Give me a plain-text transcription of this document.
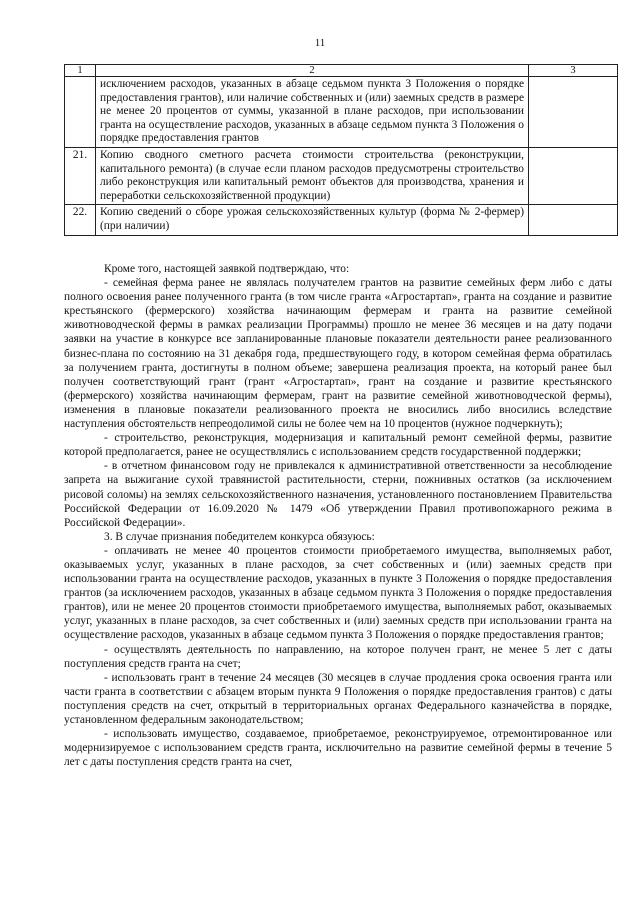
11
1	2	3
	исключением расходов, указанных в абзаце седьмом пункта 3 Положения о порядке предоставления грантов), или наличие собственных и (или) заемных средств в размере не менее 20 процентов от суммы, указанной в плане расходов, при использовании гранта на осуществление расходов, указанных в абзаце седьмом пункта 3 Положения о порядке предоставления грантов	
21.	Копию сводного сметного расчета стоимости строительства (реконструкции, капитального ремонта) (в случае если планом расходов предусмотрены строительство либо реконструкция или капитальный ремонт объектов для производства, хранения и переработки сельскохозяйственной продукции)	
22.	Копию сведений о сборе урожая сельскохозяйственных культур (форма № 2-фермер) (при наличии)	

Кроме того, настоящей заявкой подтверждаю, что:

- семейная ферма ранее не являлась получателем грантов на развитие семейных ферм либо с даты полного освоения ранее полученного гранта (в том числе гранта «Агростартап», гранта на создание и развитие крестьянского (фермерского) хозяйства начинающим фермерам и гранта на развитие семейной животноводческой фермы в рамках реализации Программы) прошло не менее 36 месяцев и на дату подачи заявки на участие в конкурсе все запланированные плановые показатели деятельности ранее реализованного бизнес-плана по состоянию на 31 декабря года, предшествующего году, в котором семейная ферма обратилась за получением гранта, достигнуты в полном объеме; завершена реализация проекта, на который ранее был получен соответствующий грант (грант «Агростартап», грант на создание и развитие крестьянского (фермерского) хозяйства начинающим фермерам, грант на развитие семейной животноводческой фермы), изменения в плановые показатели реализованного проекта не вносились либо вносились вследствие наступления обстоятельств непреодолимой силы не более чем на 10 процентов (нужное подчеркнуть);

- строительство, реконструкция, модернизация и капитальный ремонт семейной фермы, развитие которой предполагается, ранее не осуществлялись с использованием средств государственной поддержки;

- в отчетном финансовом году не привлекался к административной ответственности за несоблюдение запрета на выжигание сухой травянистой растительности, стерни, пожнивных остатков (за исключением рисовой соломы) на землях сельскохозяйственного назначения, установленного постановлением Правительства Российской Федерации от 16.09.2020 № 1479 «Об утверждении Правил противопожарного режима в Российской Федерации».

3. В случае признания победителем конкурса обязуюсь:

- оплачивать не менее 40 процентов стоимости приобретаемого имущества, выполняемых работ, оказываемых услуг, указанных в плане расходов, за счет собственных и (или) заемных средств при использовании гранта на осуществление расходов, указанных в пункте 3 Положения о порядке предоставления грантов (за исключением расходов, указанных в абзаце седьмом пункта 3 Положения о порядке предоставления грантов), или не менее 20 процентов стоимости приобретаемого имущества, выполняемых работ, оказываемых услуг, указанных в плане расходов, за счет собственных и (или) заемных средств при использовании гранта на осуществление расходов, указанных в абзаце седьмом пункта 3 Положения о порядке предоставления грантов;

- осуществлять деятельность по направлению, на которое получен грант, не менее 5 лет с даты поступления средств гранта на счет;

- использовать грант в течение 24 месяцев (30 месяцев в случае продления срока освоения гранта или части гранта в соответствии с абзацем вторым пункта 9 Положения о порядке предоставления грантов) с даты поступления средств на счет, открытый в территориальных органах Федерального казначейства в порядке, установленном федеральным законодательством;

- использовать имущество, создаваемое, приобретаемое, реконструируемое, отремонтированное или модернизируемое с использованием средств гранта, исключительно на развитие семейной фермы в течение 5 лет с даты поступления средств гранта на счет,
